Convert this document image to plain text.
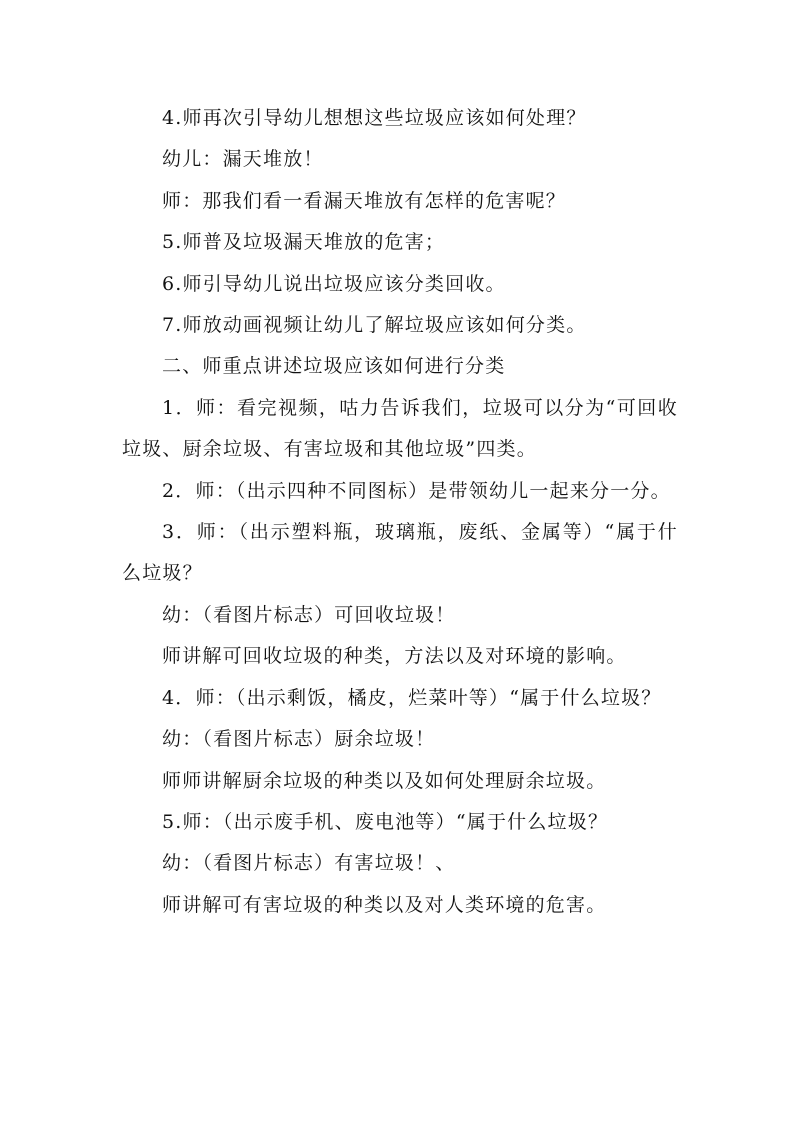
4.师再次引导幼儿想想这些垃圾应该如何处理？

幼儿：漏天堆放！

师：那我们看一看漏天堆放有怎样的危害呢？

5.师普及垃圾漏天堆放的危害；

6.师引导幼儿说出垃圾应该分类回收。

7.师放动画视频让幼儿了解垃圾应该如何分类。

二、师重点讲述垃圾应该如何进行分类

1．师：看完视频，咕力告诉我们，垃圾可以分为“可回收垃圾、厨余垃圾、有害垃圾和其他垃圾”四类。

2．师：（出示四种不同图标）是带领幼儿一起来分一分。

3．师：（出示塑料瓶，玻璃瓶，废纸、金属等）“属于什么垃圾？

幼：（看图片标志）可回收垃圾！

师讲解可回收垃圾的种类，方法以及对环境的影响。

4．师：（出示剩饭，橘皮，烂菜叶等）“属于什么垃圾？

幼：（看图片标志）厨余垃圾！

师师讲解厨余垃圾的种类以及如何处理厨余垃圾。

5.师：（出示废手机、废电池等）“属于什么垃圾？

幼：（看图片标志）有害垃圾！、

师讲解可有害垃圾的种类以及对人类环境的危害。
